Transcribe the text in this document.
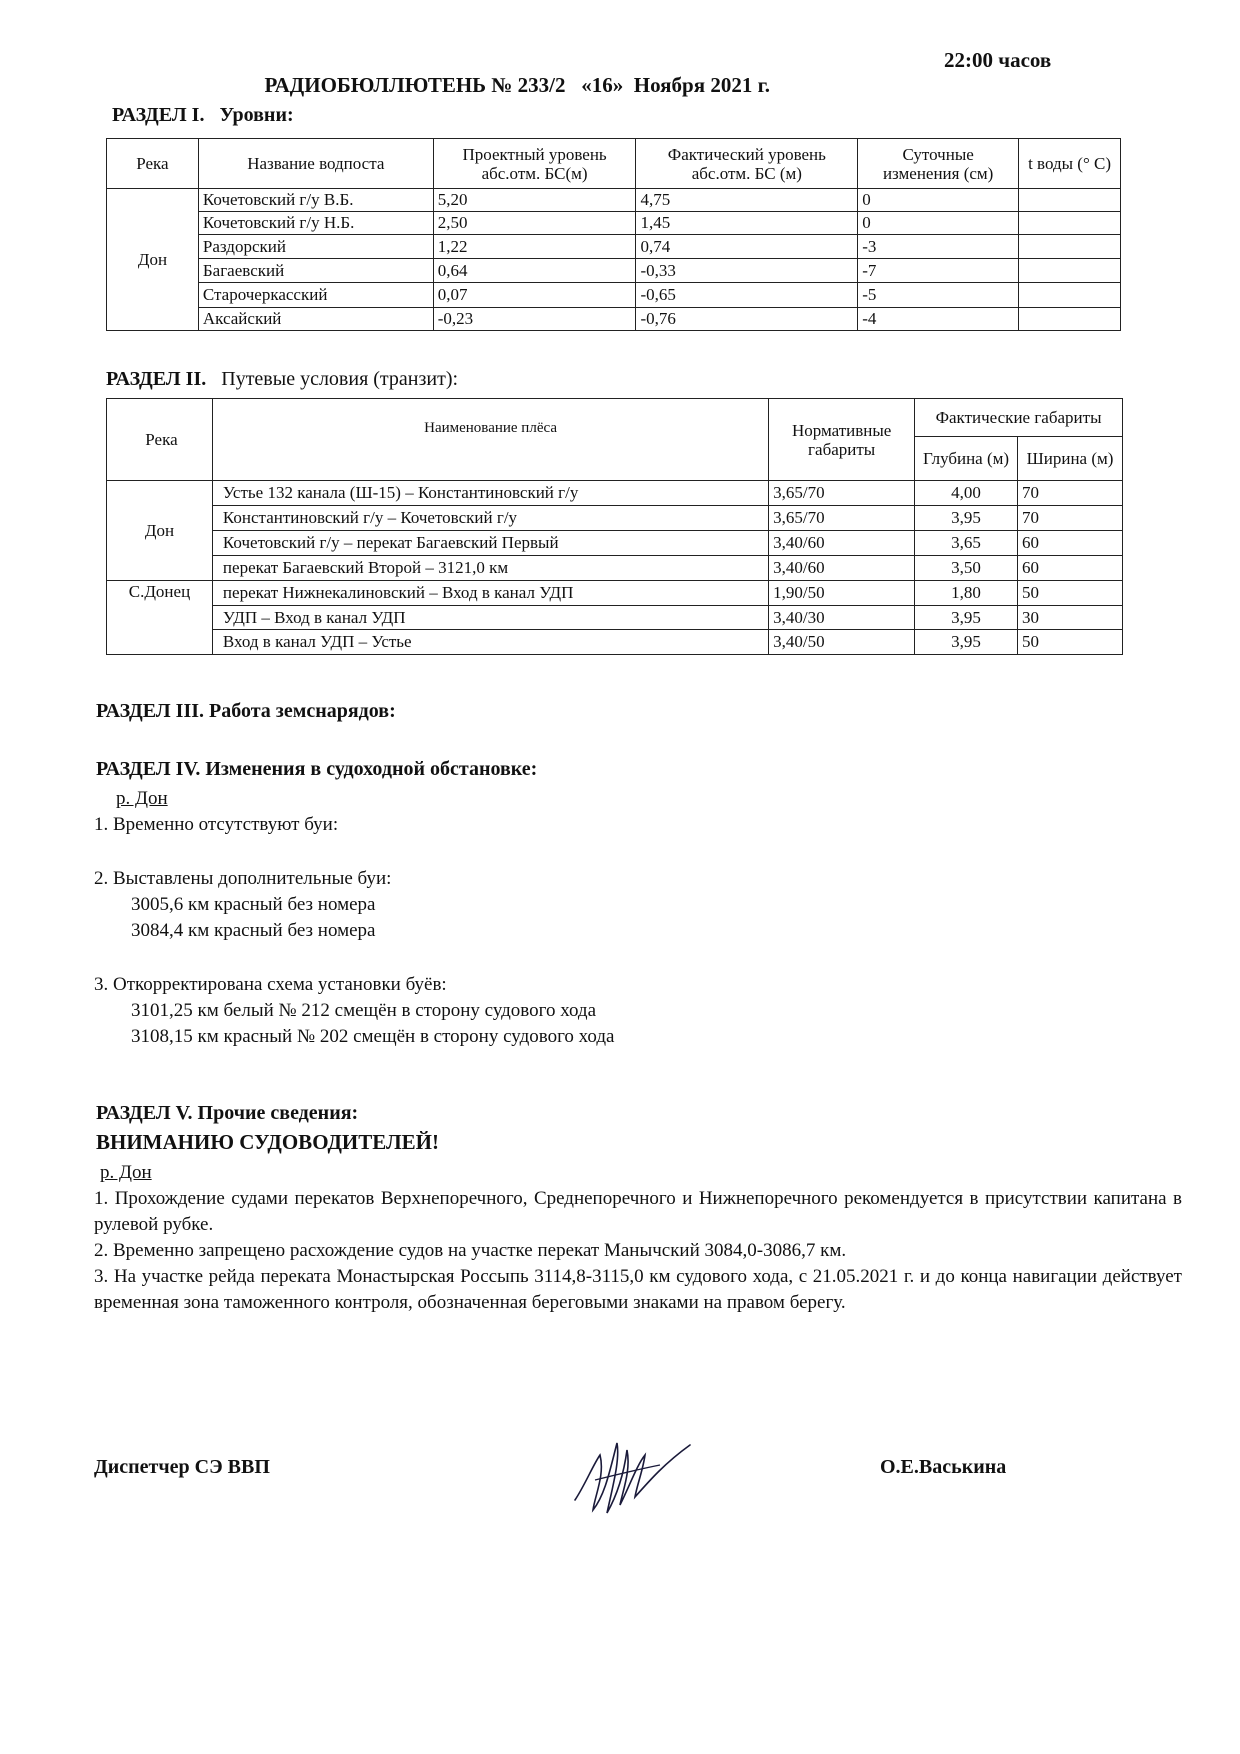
РАДИОБЮЛЛЮТЕНЬ № 233/2   «16»  Ноября 2021 г.

22:00 часов

РАЗДЕЛ I. Уровни:
Река	Название водпоста	Проектный уровень абс.отм. БС(м)	Фактический уровень абс.отм. БС (м)	Суточные изменения (см)	t воды (° С)
Дон	Кочетовский г/у В.Б.	5,20	4,75	0	
	Кочетовский г/у Н.Б.	2,50	1,45	0	
	Раздорский	1,22	0,74	-3	
	Багаевский	0,64	-0,33	-7	
	Старочеркасский	0,07	-0,65	-5	
	Аксайский	-0,23	-0,76	-4	
РАЗДЕЛ II. Путевые условия (транзит):
Река	Наименование плёса	Нормативные габариты	Фактические габариты	
			Глубина (м)	Ширина (м)
Дон	Устье 132 канала (Ш-15) – Константиновский г/у	3,65/70	4,00	70
	Константиновский г/у – Кочетовский г/у	3,65/70	3,95	70
	Кочетовский г/у – перекат Багаевский Первый	3,40/60	3,65	60
	перекат Багаевский Второй – 3121,0 км	3,40/60	3,50	60
С.Донец	перекат Нижнекалиновский – Вход в канал УДП	1,90/50	1,80	50
	УДП – Вход в канал УДП	3,40/30	3,95	30
	Вход в канал УДП – Устье	3,40/50	3,95	50
РАЗДЕЛ III. Работа земснарядов:
РАЗДЕЛ IV. Изменения в судоходной обстановке:
р. Дон
1. Временно отсутствуют буи:
2. Выставлены дополнительные буи:
3005,6 км красный без номера
3084,4 км красный без номера
3. Откорректирована схема установки буёв:
3101,25 км белый № 212 смещён в сторону судового хода
3108,15 км красный № 202 смещён в сторону судового хода
РАЗДЕЛ V. Прочие сведения:
ВНИМАНИЮ СУДОВОДИТЕЛЕЙ!
р. Дон
1. Прохождение судами перекатов Верхнепоречного, Среднепоречного и Нижнепоречного рекомендуется в присутствии капитана в рулевой рубке.
2. Временно запрещено расхождение судов на участке перекат Манычский 3084,0-3086,7 км.
3. На участке рейда переката Монастырская Россыпь 3114,8-3115,0 км судового хода, с 21.05.2021 г. и до конца навигации действует временная зона таможенного контроля, обозначенная береговыми знаками на правом берегу.
Диспетчер СЭ ВВП	О.Е.Васькина
